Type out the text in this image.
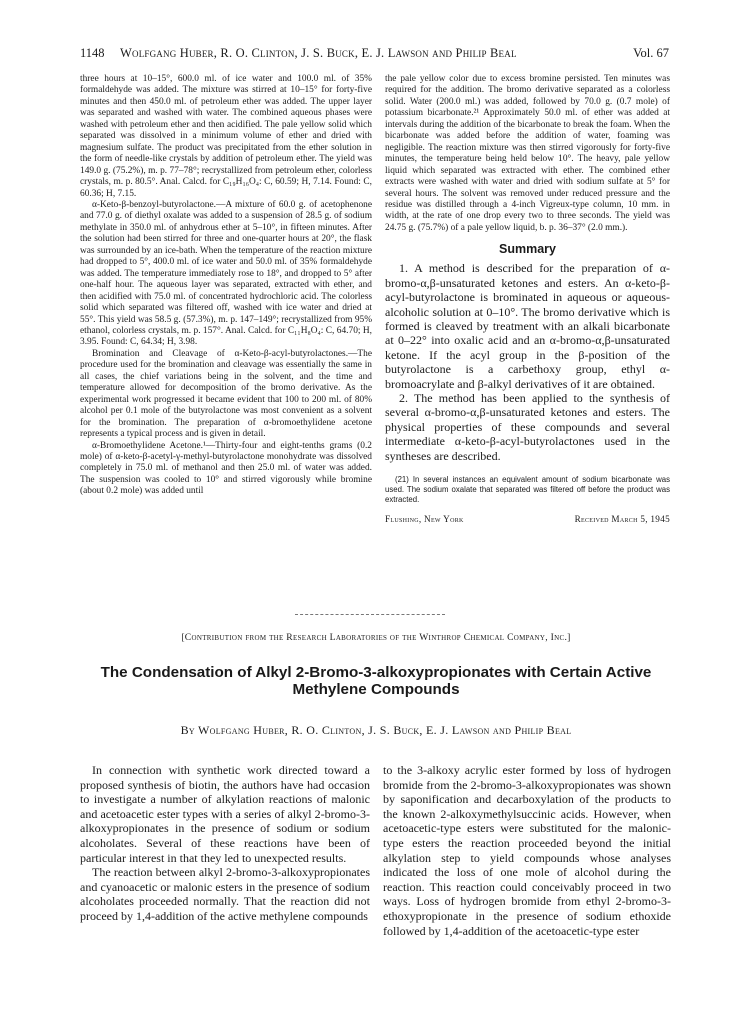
1148 Wolfgang Huber, R. O. Clinton, J. S. Buck, E. J. Lawson and Philip Beal	Vol. 67

three hours at 10–15°, 600.0 ml. of ice water and 100.0 ml. of 35% formaldehyde was added. The mixture was stirred at 10–15° for forty-five minutes and then 450.0 ml. of petroleum ether was added. The upper layer was separated and washed with water. The combined aqueous phases were washed with petroleum ether and then acidified. The pale yellow solid which separated was dissolved in a minimum volume of ether and dried with magnesium sulfate. The product was precipitated from the ether solution in the form of needle-like crystals by addition of petroleum ether. The yield was 149.0 g. (75.2%), m. p. 77–78°; recrystallized from petroleum ether, colorless crystals, m. p. 80.5°. Anal. Calcd. for C₁₉H₁₆O₄: C, 60.59; H, 7.14. Found: C, 60.36; H, 7.15.

α-Keto-β-benzoyl-butyrolactone.—A mixture of 60.0 g. of acetophenone and 77.0 g. of diethyl oxalate was added to a suspension of 28.5 g. of sodium methylate in 350.0 ml. of anhydrous ether at 5–10°, in fifteen minutes. After the solution had been stirred for three and one-quarter hours at 20°, the flask was surrounded by an ice-bath. When the temperature of the reaction mixture had dropped to 5°, 400.0 ml. of ice water and 50.0 ml. of 35% formaldehyde was added. The temperature immediately rose to 18°, and dropped to 5° after one-half hour. The aqueous layer was separated, extracted with ether, and then acidified with 75.0 ml. of concentrated hydrochloric acid. The colorless solid which separated was filtered off, washed with ice water and dried at 55°. This yield was 58.5 g. (57.3%), m. p. 147–149°; recrystallized from 95% ethanol, colorless crystals, m. p. 157°. Anal. Calcd. for C₁₁H₈O₄: C, 64.70; H, 3.95. Found: C, 64.34; H, 3.98.

Bromination and Cleavage of α-Keto-β-acyl-butyrolactones.—The procedure used for the bromination and cleavage was essentially the same in all cases, the chief variations being in the solvent, and the time and temperature allowed for decomposition of the bromo derivative. As the experimental work progressed it became evident that 100 to 200 ml. of 80% alcohol per 0.1 mole of the butyrolactone was most convenient as a solvent for the bromination. The preparation of α-bromoethylidene acetone represents a typical process and is given in detail.

α-Bromoethylidene Acetone.¹—Thirty-four and eight-tenths grams (0.2 mole) of α-keto-β-acetyl-γ-methyl-butyrolactone monohydrate was dissolved completely in 75.0 ml. of methanol and then 25.0 ml. of water was added. The suspension was cooled to 10° and stirred vigorously while bromine (about 0.2 mole) was added until

the pale yellow color due to excess bromine persisted. Ten minutes was required for the addition. The bromo derivative separated as a colorless solid. Water (200.0 ml.) was added, followed by 70.0 g. (0.7 mole) of potassium bicarbonate.²¹ Approximately 50.0 ml. of ether was added at intervals during the addition of the bicarbonate to break the foam. When the bicarbonate was added before the addition of water, foaming was negligible. The reaction mixture was then stirred vigorously for forty-five minutes, the temperature being held below 10°. The heavy, pale yellow liquid which separated was extracted with ether. The combined ether extracts were washed with water and dried with sodium sulfate at 5° for several hours. The solvent was removed under reduced pressure and the residue was distilled through a 4-inch Vigreux-type column, 10 mm. in width, at the rate of one drop every two to three seconds. The yield was 24.75 g. (75.7%) of a pale yellow liquid, b. p. 36–37° (2.0 mm.).

Summary

1. A method is described for the preparation of α-bromo-α,β-unsaturated ketones and esters. An α-keto-β-acyl-butyrolactone is brominated in aqueous or aqueous-alcoholic solution at 0–10°. The bromo derivative which is formed is cleaved by treatment with an alkali bicarbonate at 0–22° into oxalic acid and an α-bromo-α,β-unsaturated ketone. If the acyl group in the β-position of the butyrolactone is a carbethoxy group, ethyl α-bromoacrylate and β-alkyl derivatives of it are obtained.

2. The method has been applied to the synthesis of several α-bromo-α,β-unsaturated ketones and esters. The physical properties of these compounds and several intermediate α-keto-β-acyl-butyrolactones used in the syntheses are described.

(21) In several instances an equivalent amount of sodium bicarbonate was used. The sodium oxalate that separated was filtered off before the product was extracted.

Flushing, New York	Received March 5, 1945
[Contribution from the Research Laboratories of the Winthrop Chemical Company, Inc.]
The Condensation of Alkyl 2-Bromo-3-alkoxypropionates with Certain Active Methylene Compounds
By Wolfgang Huber, R. O. Clinton, J. S. Buck, E. J. Lawson and Philip Beal

In connection with synthetic work directed toward a proposed synthesis of biotin, the authors have had occasion to investigate a number of alkylation reactions of malonic and acetoacetic ester types with a series of alkyl 2-bromo-3-alkoxypropionates in the presence of sodium or sodium alcoholates. Several of these reactions have been of particular interest in that they led to unexpected results.

The reaction between alkyl 2-bromo-3-alkoxypropionates and cyanoacetic or malonic esters in the presence of sodium alcoholates proceeded normally. That the reaction did not proceed by 1,4-addition of the active methylene compounds

to the 3-alkoxy acrylic ester formed by loss of hydrogen bromide from the 2-bromo-3-alkoxypropionates was shown by saponification and decarboxylation of the products to the known 2-alkoxymethylsuccinic acids. However, when acetoacetic-type esters were substituted for the malonic-type esters the reaction proceeded beyond the initial alkylation step to yield compounds whose analyses indicated the loss of one mole of alcohol during the reaction. This reaction could conceivably proceed in two ways. Loss of hydrogen bromide from ethyl 2-bromo-3-ethoxypropionate in the presence of sodium ethoxide followed by 1,4-addition of the acetoacetic-type ester
